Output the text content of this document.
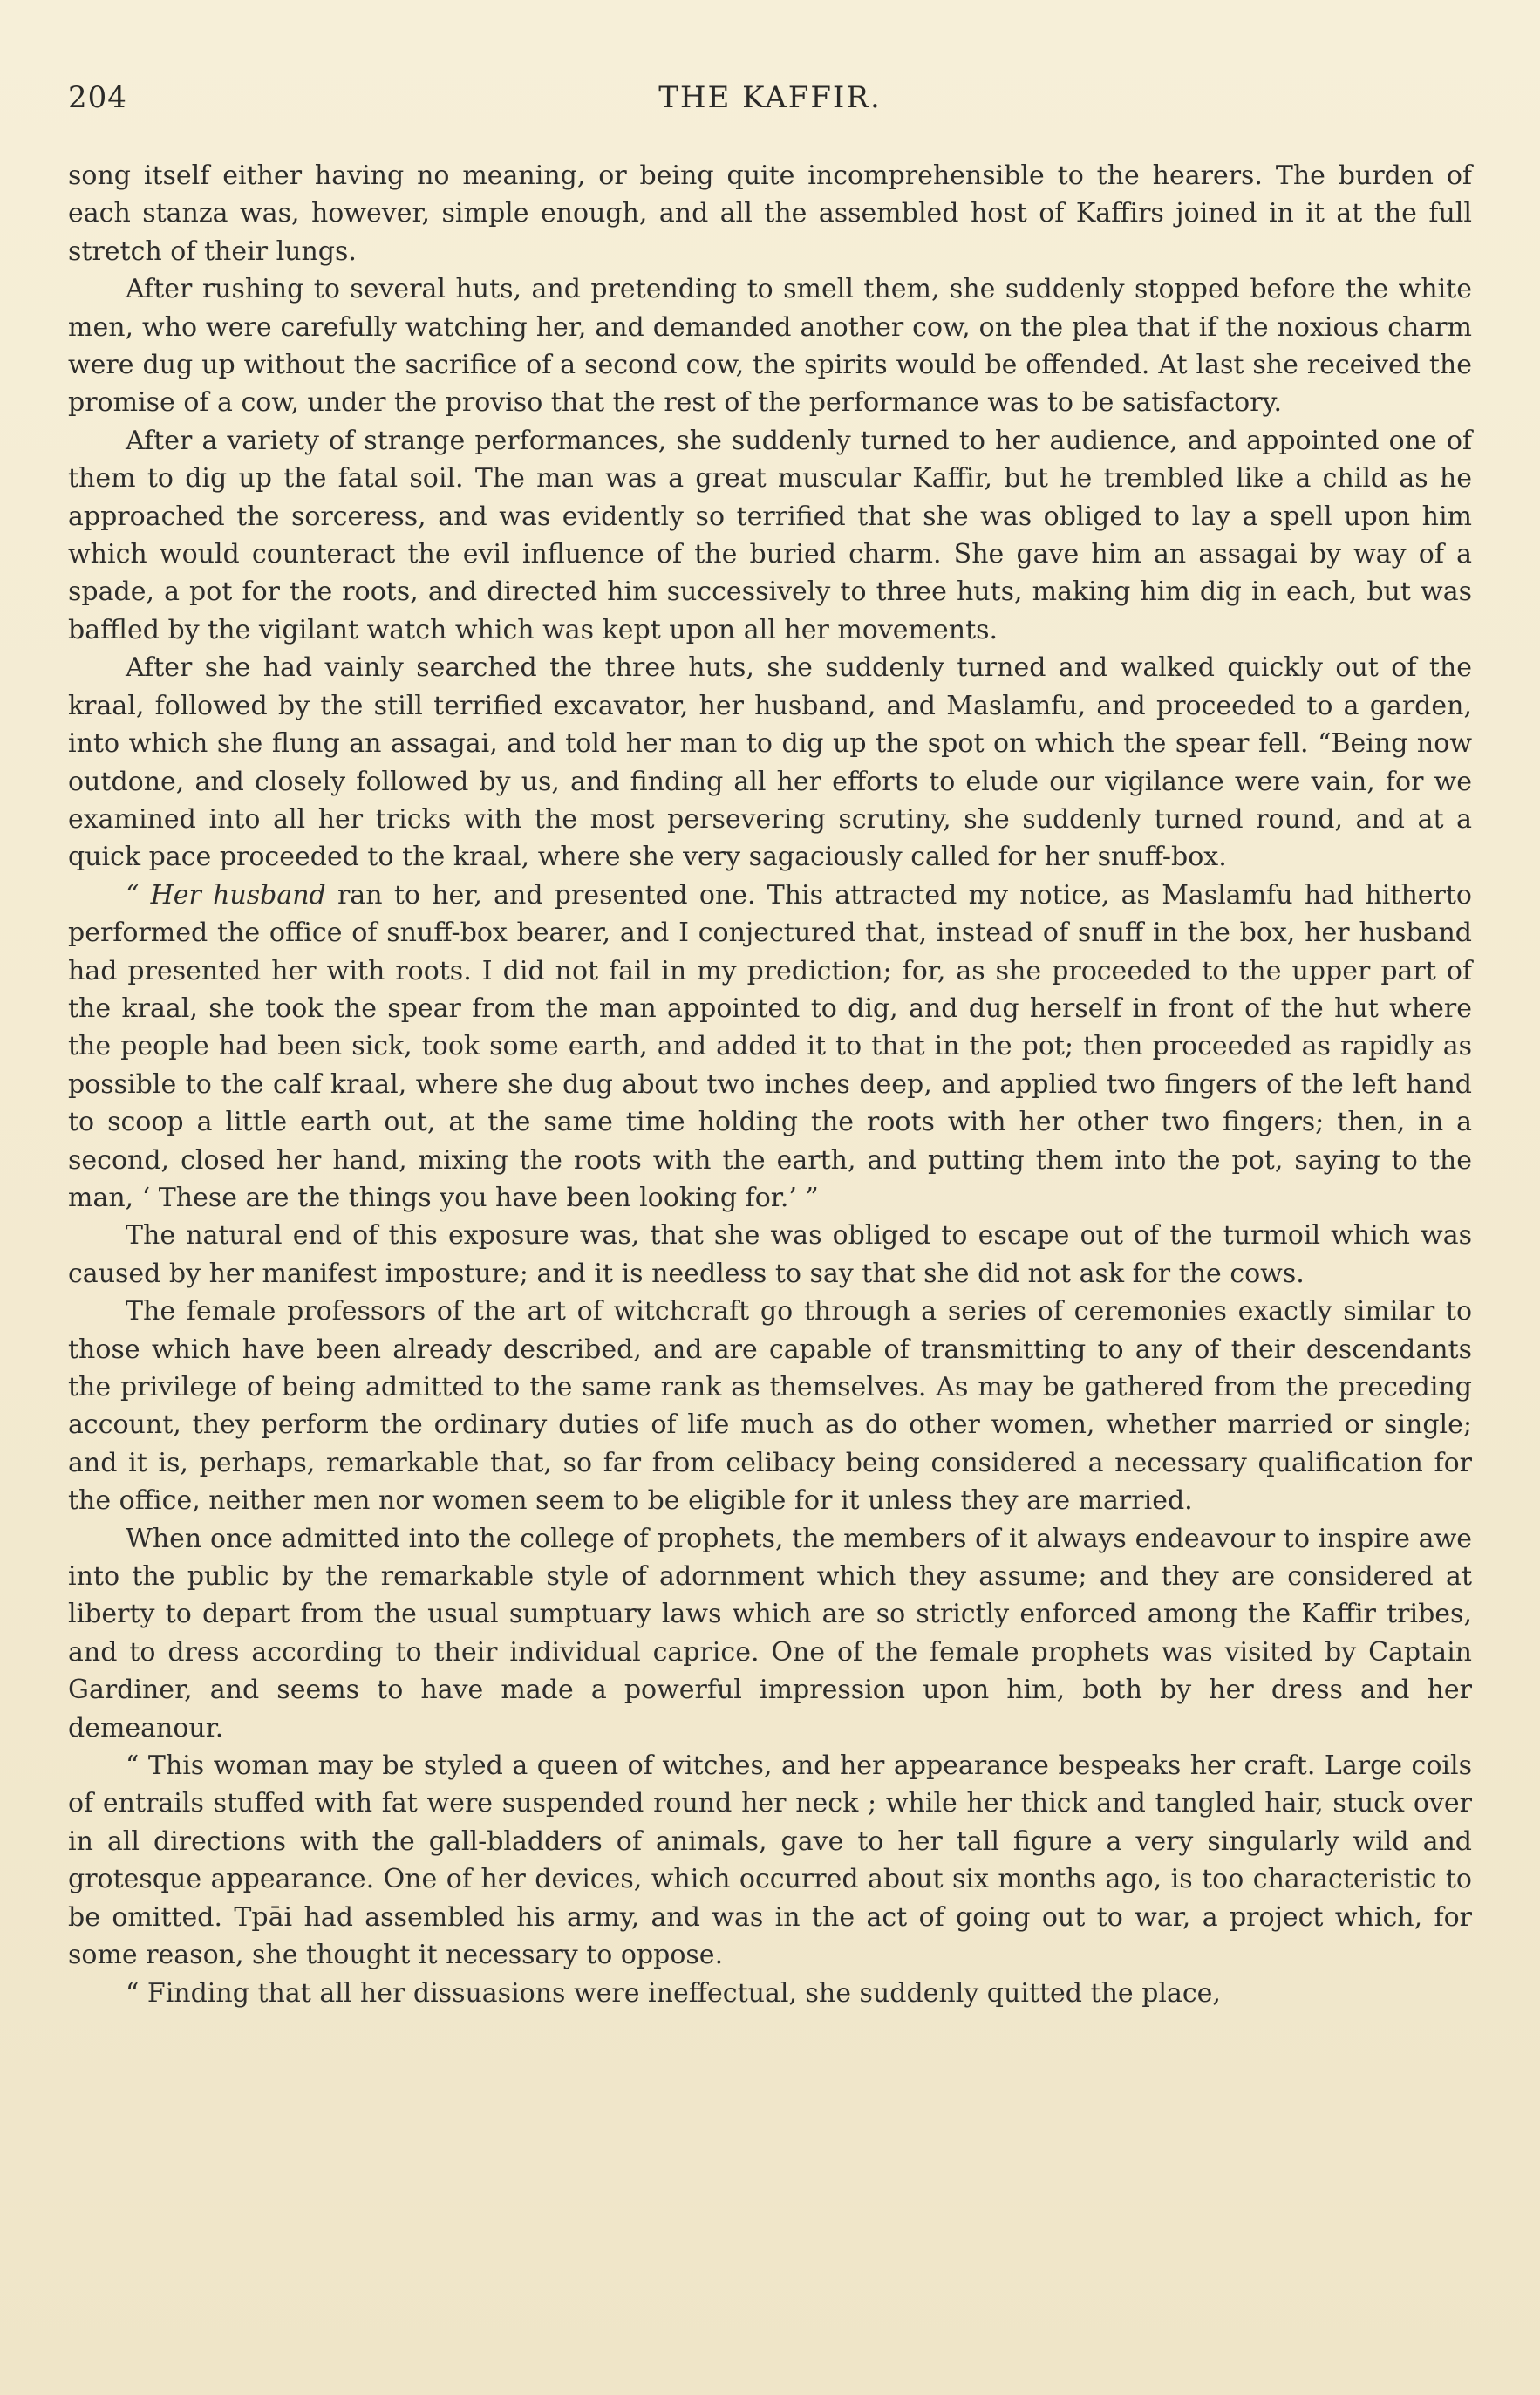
204	THE KAFFIR.

song itself either having no meaning, or being quite incomprehensible to the hearers. The burden of each stanza was, however, simple enough, and all the assembled host of Kaffirs joined in it at the full stretch of their lungs.

After rushing to several huts, and pretending to smell them, she suddenly stopped before the white men, who were carefully watching her, and demanded another cow, on the plea that if the noxious charm were dug up without the sacrifice of a second cow, the spirits would be offended. At last she received the promise of a cow, under the proviso that the rest of the performance was to be satisfactory.

After a variety of strange performances, she suddenly turned to her audience, and appointed one of them to dig up the fatal soil. The man was a great muscular Kaffir, but he trembled like a child as he approached the sorceress, and was evidently so terrified that she was obliged to lay a spell upon him which would counteract the evil influence of the buried charm. She gave him an assagai by way of a spade, a pot for the roots, and directed him successively to three huts, making him dig in each, but was baffled by the vigilant watch which was kept upon all her movements.

After she had vainly searched the three huts, she suddenly turned and walked quickly out of the kraal, followed by the still terrified excavator, her husband, and Maslamfu, and proceeded to a garden, into which she flung an assagai, and told her man to dig up the spot on which the spear fell. “Being now outdone, and closely followed by us, and finding all her efforts to elude our vigilance were vain, for we examined into all her tricks with the most persevering scrutiny, she suddenly turned round, and at a quick pace proceeded to the kraal, where she very sagaciously called for her snuff-box.

“ Her husband ran to her, and presented one. This attracted my notice, as Maslamfu had hitherto performed the office of snuff-box bearer, and I conjectured that, instead of snuff in the box, her husband had presented her with roots. I did not fail in my prediction; for, as she proceeded to the upper part of the kraal, she took the spear from the man appointed to dig, and dug herself in front of the hut where the people had been sick, took some earth, and added it to that in the pot; then proceeded as rapidly as possible to the calf kraal, where she dug about two inches deep, and applied two fingers of the left hand to scoop a little earth out, at the same time holding the roots with her other two fingers; then, in a second, closed her hand, mixing the roots with the earth, and putting them into the pot, saying to the man, ‘ These are the things you have been looking for.’ ”

The natural end of this exposure was, that she was obliged to escape out of the turmoil which was caused by her manifest imposture; and it is needless to say that she did not ask for the cows.

The female professors of the art of witchcraft go through a series of ceremonies exactly similar to those which have been already described, and are capable of transmitting to any of their descendants the privilege of being admitted to the same rank as themselves. As may be gathered from the preceding account, they perform the ordinary duties of life much as do other women, whether married or single; and it is, perhaps, remarkable that, so far from celibacy being considered a necessary qualification for the office, neither men nor women seem to be eligible for it unless they are married.

When once admitted into the college of prophets, the members of it always endeavour to inspire awe into the public by the remarkable style of adornment which they assume; and they are considered at liberty to depart from the usual sumptuary laws which are so strictly enforced among the Kaffir tribes, and to dress according to their individual caprice. One of the female prophets was visited by Captain Gardiner, and seems to have made a powerful impression upon him, both by her dress and her demeanour.

“ This woman may be styled a queen of witches, and her appearance bespeaks her craft. Large coils of entrails stuffed with fat were suspended round her neck ; while her thick and tangled hair, stuck over in all directions with the gall-bladders of animals, gave to her tall figure a very singularly wild and grotesque appearance. One of her devices, which occurred about six months ago, is too characteristic to be omitted. Tpāi had assembled his army, and was in the act of going out to war, a project which, for some reason, she thought it necessary to oppose.

“ Finding that all her dissuasions were ineffectual, she suddenly quitted the place,
